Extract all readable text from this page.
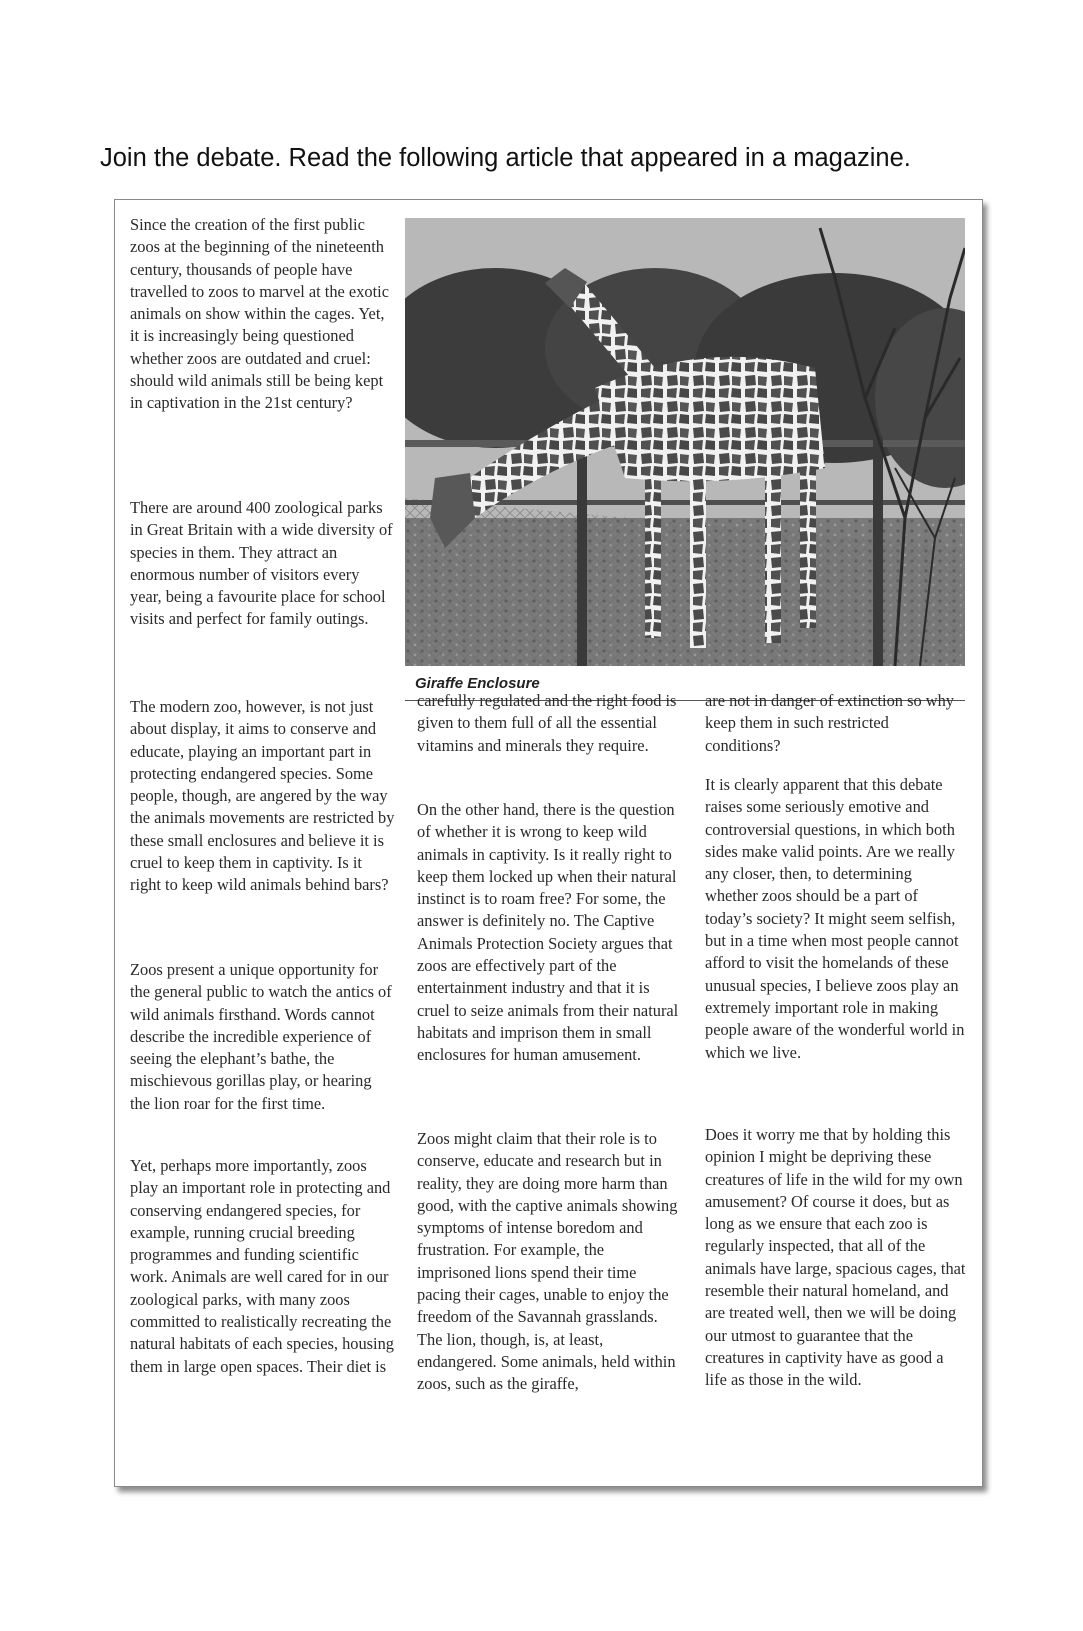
Join the debate. Read the following article that appeared in a magazine.

Since the creation of the first public zoos at the beginning of the nineteenth century, thousands of people have travelled to zoos to marvel at the exotic animals on show within the cages. Yet, it is increasingly being questioned whether zoos are outdated and cruel: should wild animals still be being kept in captivation in the 21st century?

There are around 400 zoological parks in Great Britain with a wide diversity of species in them. They attract an enormous number of visitors every year, being a favourite place for school visits and perfect for family outings.

Giraffe Enclosure

The modern zoo, however, is not just about display, it aims to conserve and educate, playing an important part in protecting endangered species. Some people, though, are angered by the way the animals movements are restricted by these small enclosures and believe it is cruel to keep them in captivity. Is it right to keep wild animals behind bars?

Zoos present a unique opportunity for the general public to watch the antics of wild animals firsthand. Words cannot describe the incredible experience of seeing the elephant’s bathe, the mischievous gorillas play, or hearing the lion roar for the first time.

Yet, perhaps more importantly, zoos play an important role in protecting and conserving endangered species, for example, running crucial breeding programmes and funding scientific work. Animals are well cared for in our zoological parks, with many zoos committed to realistically recreating the natural habitats of each species, housing them in large open spaces. Their diet is

carefully regulated and the right food is given to them full of all the essential vitamins and minerals they require.

On the other hand, there is the question of whether it is wrong to keep wild animals in captivity. Is it really right to keep them locked up when their natural instinct is to roam free? For some, the answer is definitely no. The Captive Animals Protection Society argues that zoos are effectively part of the entertainment industry and that it is cruel to seize animals from their natural habitats and imprison them in small enclosures for human amusement.

Zoos might claim that their role is to conserve, educate and research but in reality, they are doing more harm than good, with the captive animals showing symptoms of intense boredom and frustration. For example, the imprisoned lions spend their time pacing their cages, unable to enjoy the freedom of the Savannah grasslands. The lion, though, is, at least, endangered. Some animals, held within zoos, such as the giraffe,

are not in danger of extinction so why keep them in such restricted conditions?

It is clearly apparent that this debate raises some seriously emotive and controversial questions, in which both sides make valid points. Are we really any closer, then, to determining whether zoos should be a part of today’s society? It might seem selfish, but in a time when most people cannot afford to visit the homelands of these unusual species, I believe zoos play an extremely important role in making people aware of the wonderful world in which we live.

Does it worry me that by holding this opinion I might be depriving these creatures of life in the wild for my own amusement? Of course it does, but as long as we ensure that each zoo is regularly inspected, that all of the animals have large, spacious cages, that resemble their natural homeland, and are treated well, then we will be doing our utmost to guarantee that the creatures in captivity have as good a life as those in the wild.
